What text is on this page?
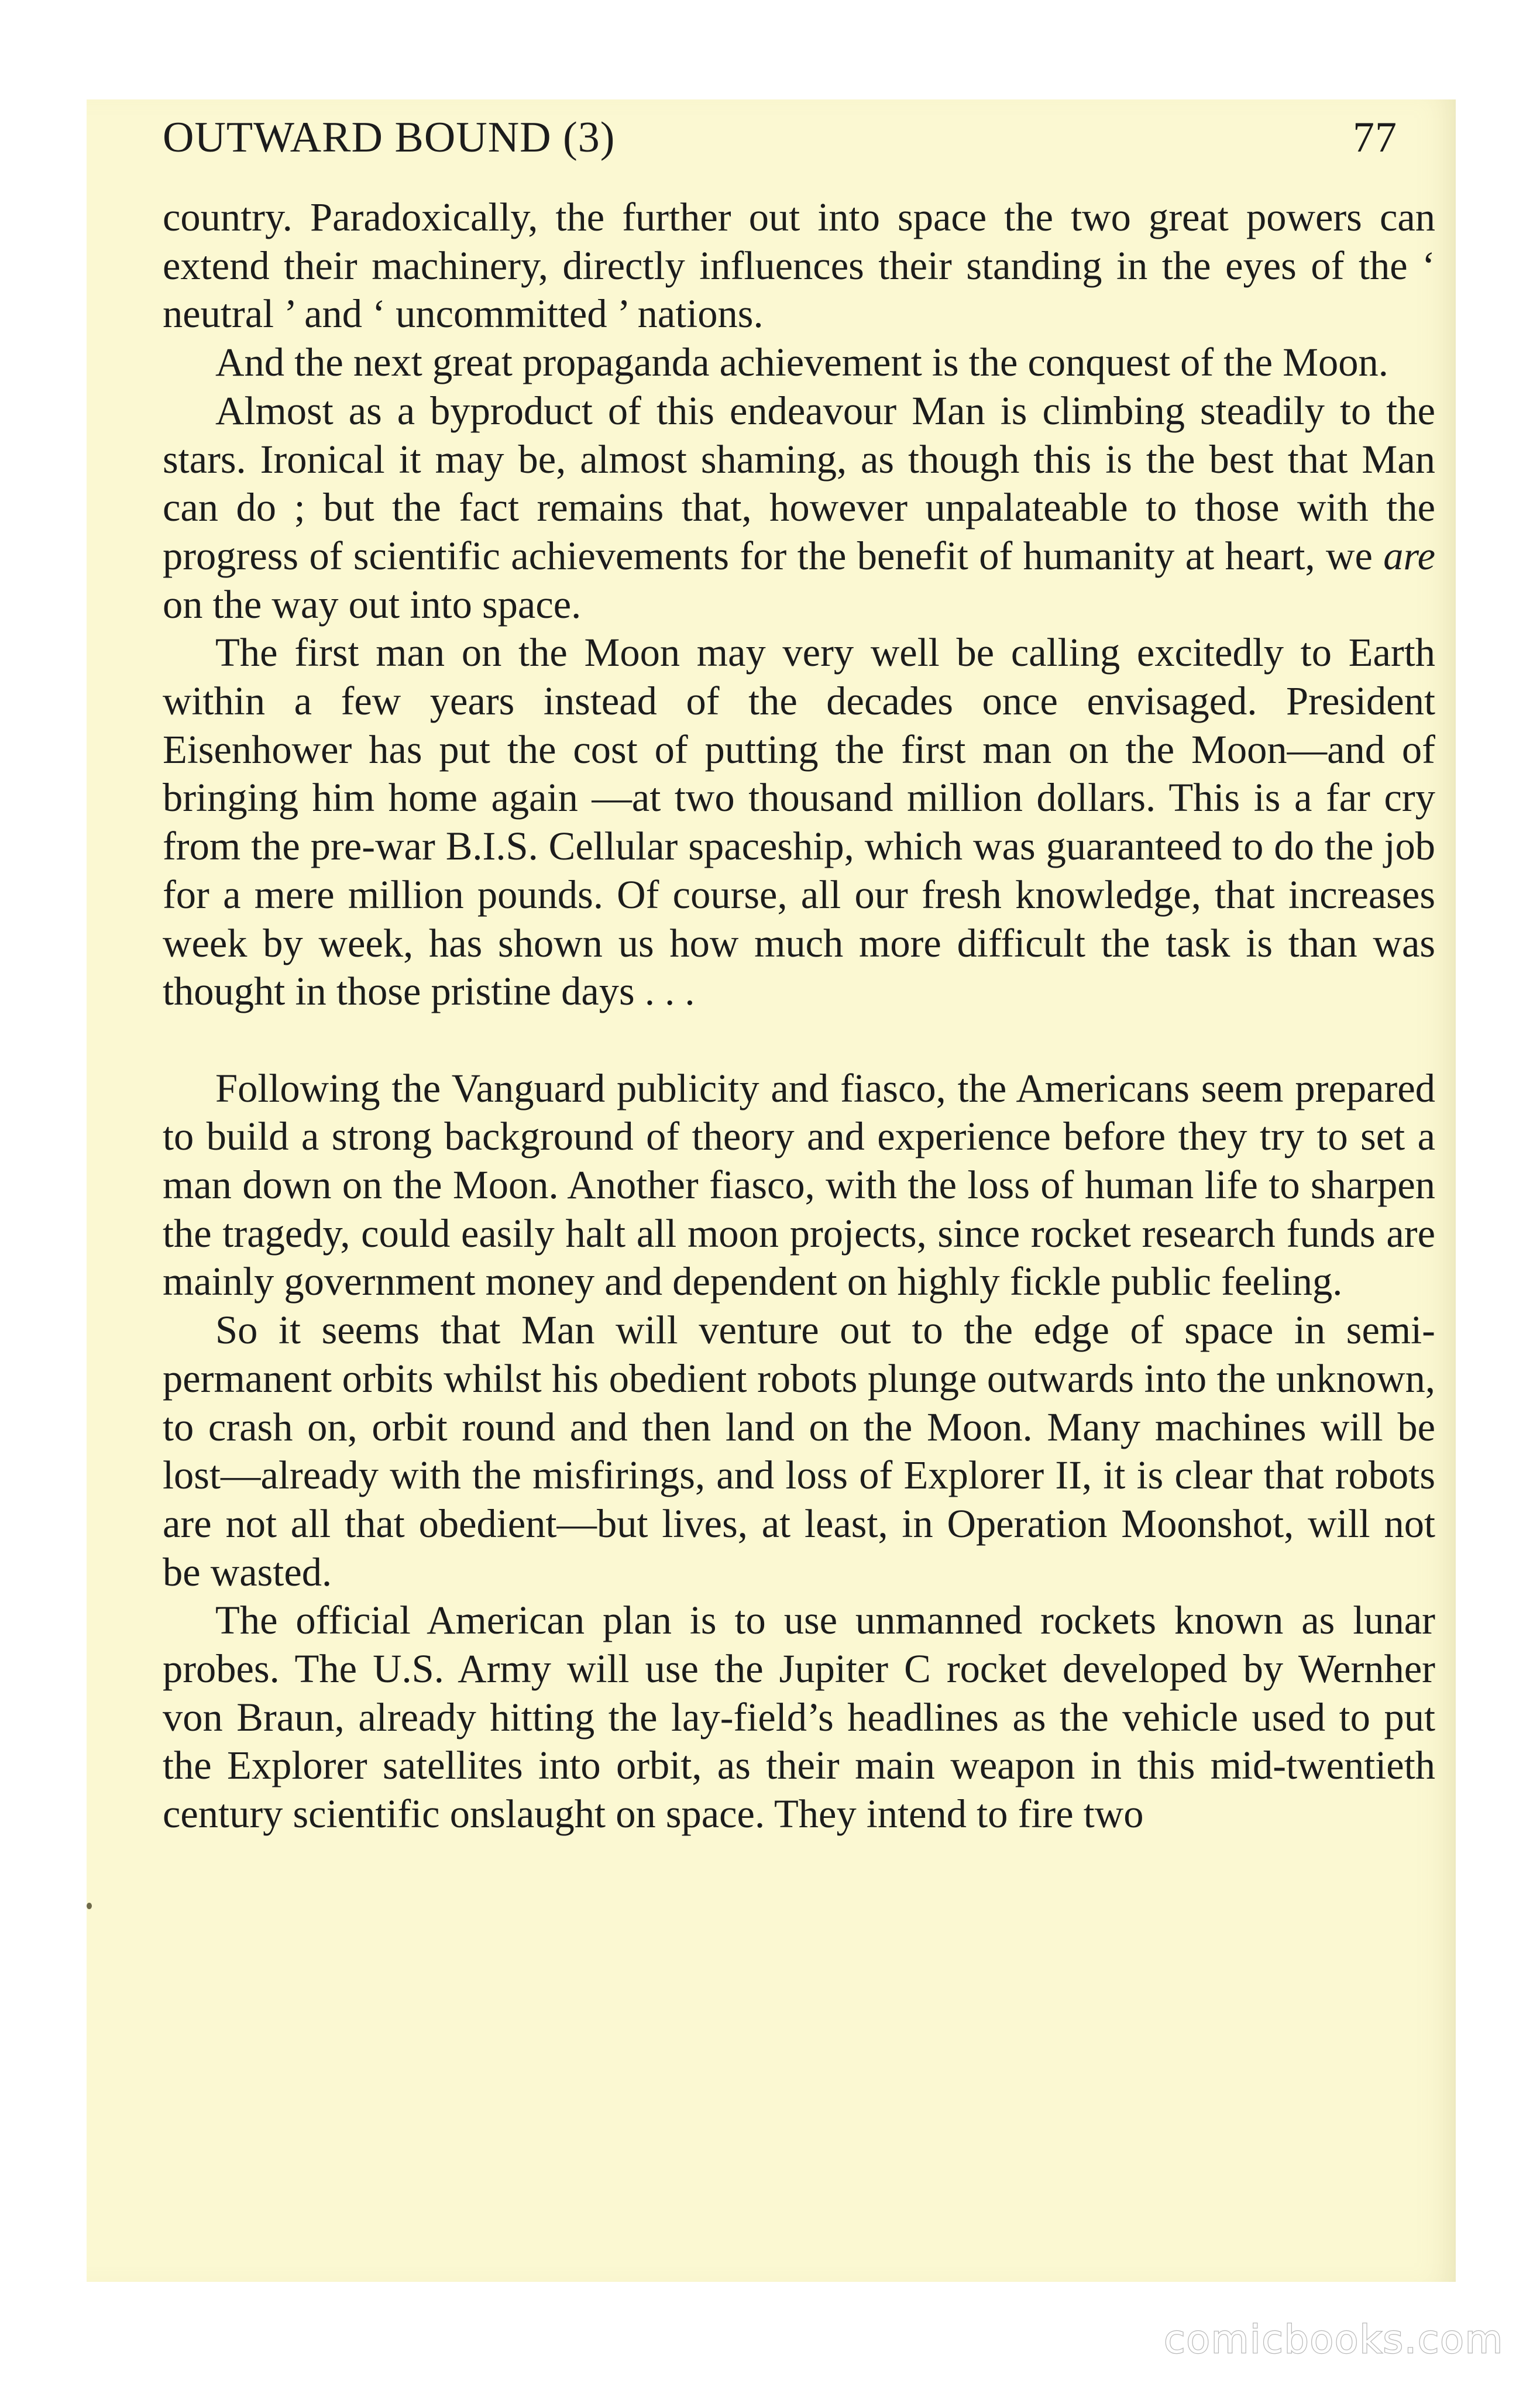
OUTWARD BOUND (3)	77

country. Paradoxically, the further out into space the two great powers can extend their machinery, directly influences their standing in the eyes of the ‘ neutral ’ and ‘ uncommitted ’ nations.

And the next great propaganda achievement is the conquest of the Moon.

Almost as a byproduct of this endeavour Man is climbing steadily to the stars. Ironical it may be, almost shaming, as though this is the best that Man can do ; but the fact remains that, however unpalateable to those with the progress of scientific achievements for the benefit of humanity at heart, we are on the way out into space.

The first man on the Moon may very well be calling excitedly to Earth within a few years instead of the decades once envisaged. President Eisenhower has put the cost of putting the first man on the Moon—and of bringing him home again —at two thousand million dollars. This is a far cry from the pre-war B.I.S. Cellular spaceship, which was guaranteed to do the job for a mere million pounds. Of course, all our fresh knowledge, that increases week by week, has shown us how much more difficult the task is than was thought in those pristine days . . .

Following the Vanguard publicity and fiasco, the Americans seem prepared to build a strong background of theory and experience before they try to set a man down on the Moon. Another fiasco, with the loss of human life to sharpen the tragedy, could easily halt all moon projects, since rocket research funds are mainly government money and dependent on highly fickle public feeling.

So it seems that Man will venture out to the edge of space in semi-permanent orbits whilst his obedient robots plunge outwards into the unknown, to crash on, orbit round and then land on the Moon. Many machines will be lost—already with the misfirings, and loss of Explorer II, it is clear that robots are not all that obedient—but lives, at least, in Operation Moonshot, will not be wasted.

The official American plan is to use unmanned rockets known as lunar probes. The U.S. Army will use the Jupiter C rocket developed by Wernher von Braun, already hitting the lay-field’s headlines as the vehicle used to put the Explorer satellites into orbit, as their main weapon in this mid-twentieth century scientific onslaught on space. They intend to fire two

comicbooks.com
